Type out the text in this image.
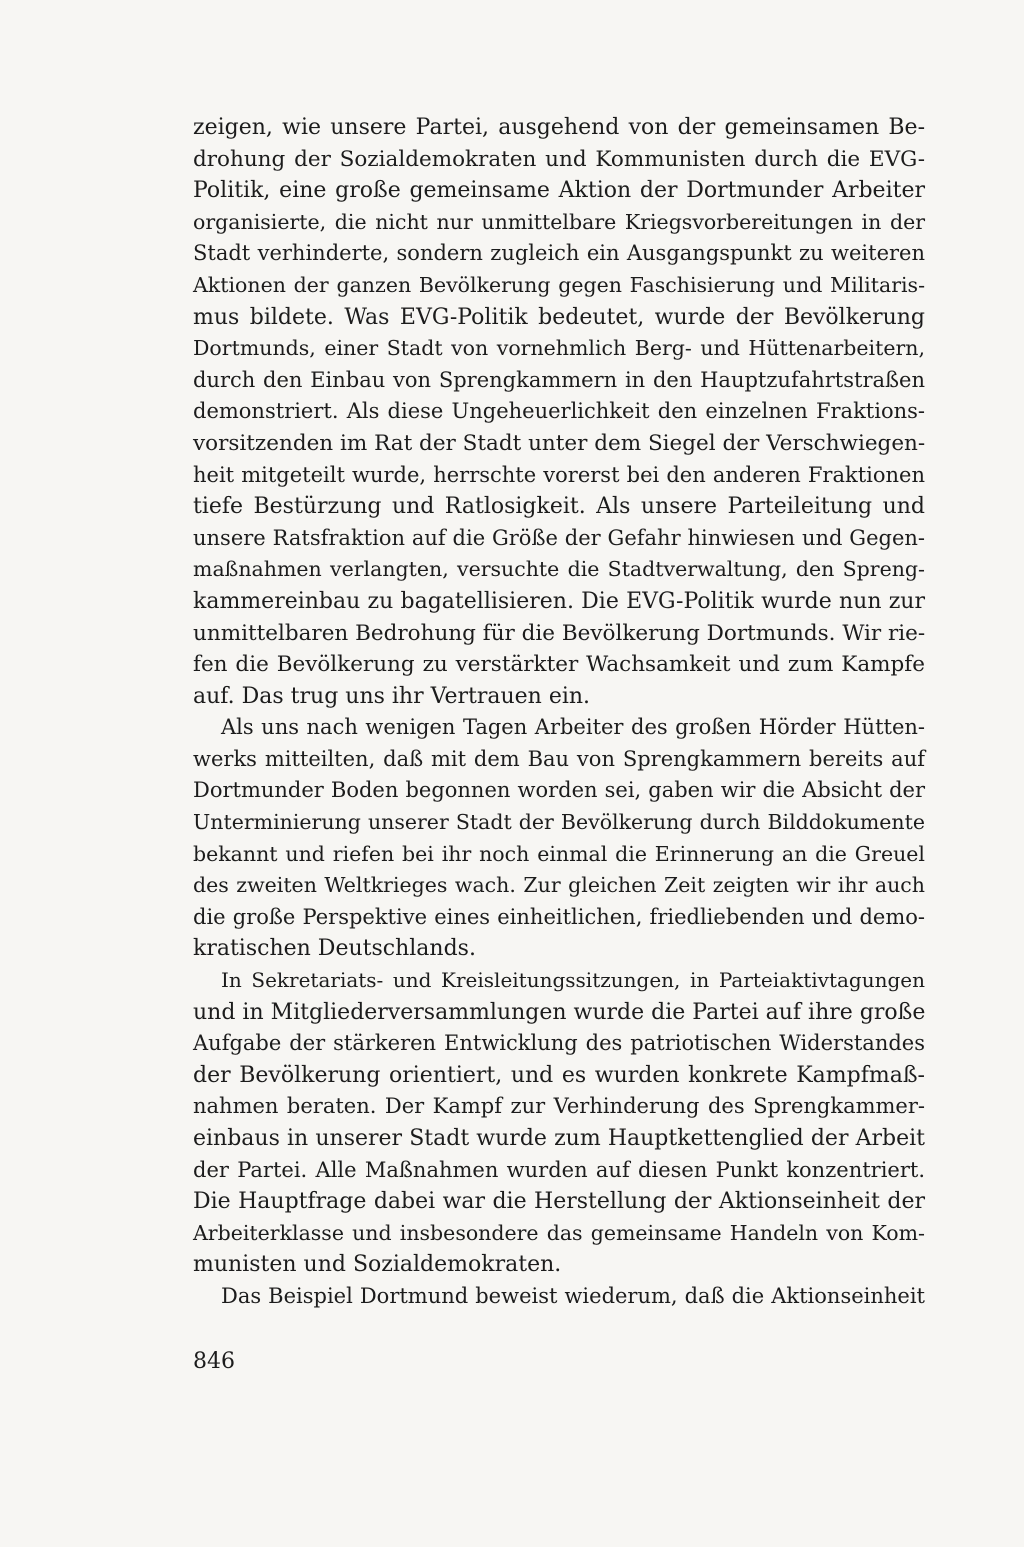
zeigen, wie unsere Partei, ausgehend von der gemeinsamen Be-
drohung der Sozialdemokraten und Kommunisten durch die EVG-
Politik, eine große gemeinsame Aktion der Dortmunder Arbeiter
organisierte, die nicht nur unmittelbare Kriegsvorbereitungen in der
Stadt verhinderte, sondern zugleich ein Ausgangspunkt zu weiteren
Aktionen der ganzen Bevölkerung gegen Faschisierung und Militaris-
mus bildete. Was EVG-Politik bedeutet, wurde der Bevölkerung
Dortmunds, einer Stadt von vornehmlich Berg- und Hüttenarbeitern,
durch den Einbau von Sprengkammern in den Hauptzufahrtstraßen
demonstriert. Als diese Ungeheuerlichkeit den einzelnen Fraktions-
vorsitzenden im Rat der Stadt unter dem Siegel der Verschwiegen-
heit mitgeteilt wurde, herrschte vorerst bei den anderen Fraktionen
tiefe Bestürzung und Ratlosigkeit. Als unsere Parteileitung und
unsere Ratsfraktion auf die Größe der Gefahr hinwiesen und Gegen-
maßnahmen verlangten, versuchte die Stadtverwaltung, den Spreng-
kammereinbau zu bagatellisieren. Die EVG-Politik wurde nun zur
unmittelbaren Bedrohung für die Bevölkerung Dortmunds. Wir rie-
fen die Bevölkerung zu verstärkter Wachsamkeit und zum Kampfe
auf. Das trug uns ihr Vertrauen ein.
Als uns nach wenigen Tagen Arbeiter des großen Hörder Hütten-
werks mitteilten, daß mit dem Bau von Sprengkammern bereits auf
Dortmunder Boden begonnen worden sei, gaben wir die Absicht der
Unterminierung unserer Stadt der Bevölkerung durch Bilddokumente
bekannt und riefen bei ihr noch einmal die Erinnerung an die Greuel
des zweiten Weltkrieges wach. Zur gleichen Zeit zeigten wir ihr auch
die große Perspektive eines einheitlichen, friedliebenden und demo-
kratischen Deutschlands.
In Sekretariats- und Kreisleitungssitzungen, in Parteiaktivtagungen
und in Mitgliederversammlungen wurde die Partei auf ihre große
Aufgabe der stärkeren Entwicklung des patriotischen Widerstandes
der Bevölkerung orientiert, und es wurden konkrete Kampfmaß-
nahmen beraten. Der Kampf zur Verhinderung des Sprengkammer-
einbaus in unserer Stadt wurde zum Hauptkettenglied der Arbeit
der Partei. Alle Maßnahmen wurden auf diesen Punkt konzentriert.
Die Hauptfrage dabei war die Herstellung der Aktionseinheit der
Arbeiterklasse und insbesondere das gemeinsame Handeln von Kom-
munisten und Sozialdemokraten.
Das Beispiel Dortmund beweist wiederum, daß die Aktionseinheit
846
